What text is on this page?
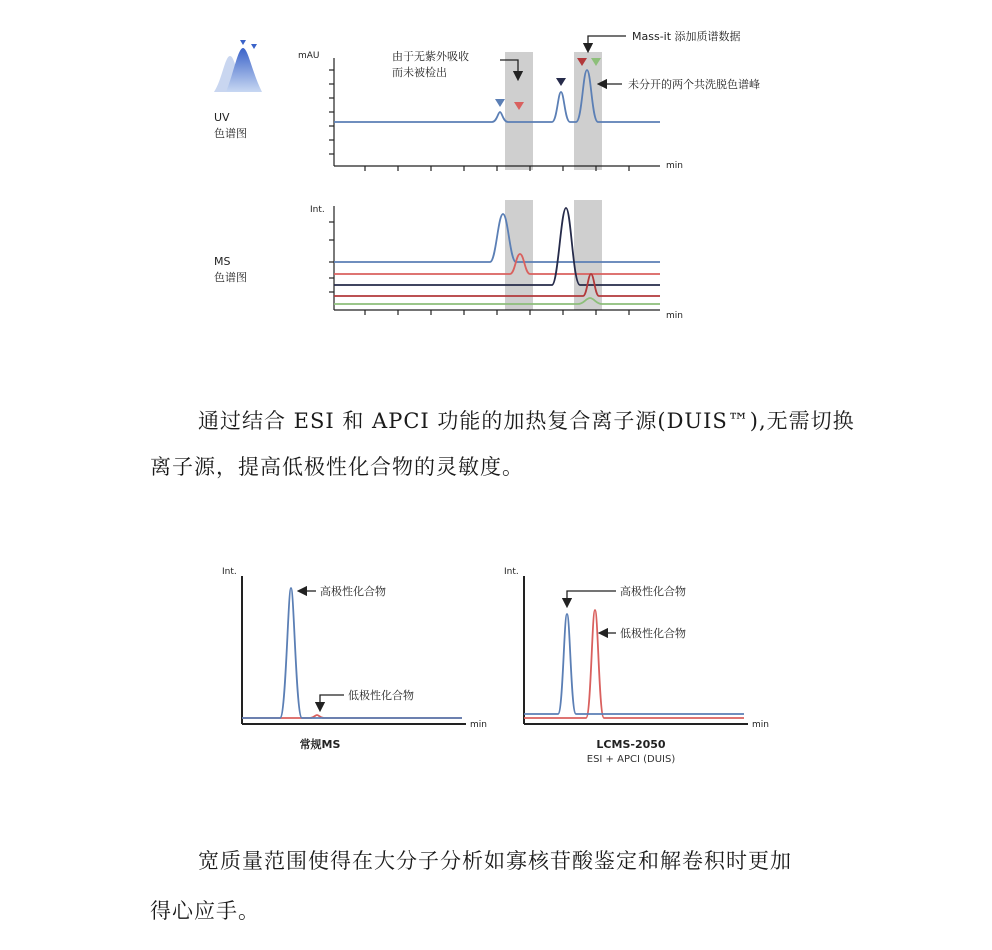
UV
色谱图
MS
色谱图
mAU
min
由于无紫外吸收
而未被检出
Mass-it 添加质谱数据
未分开的两个共洗脱色谱峰
Int.
min

通过结合 ESI 和 APCI 功能的加热复合离子源(DUIS™),无需切换
离子源，提高低极性化合物的灵敏度。

Int.
min
高极性化合物
低极性化合物
常规MS
Int.
min
高极性化合物
低极性化合物
LCMS-2050
ESI + APCI (DUIS)

宽质量范围使得在大分子分析如寡核苷酸鉴定和解卷积时更加
得心应手。
